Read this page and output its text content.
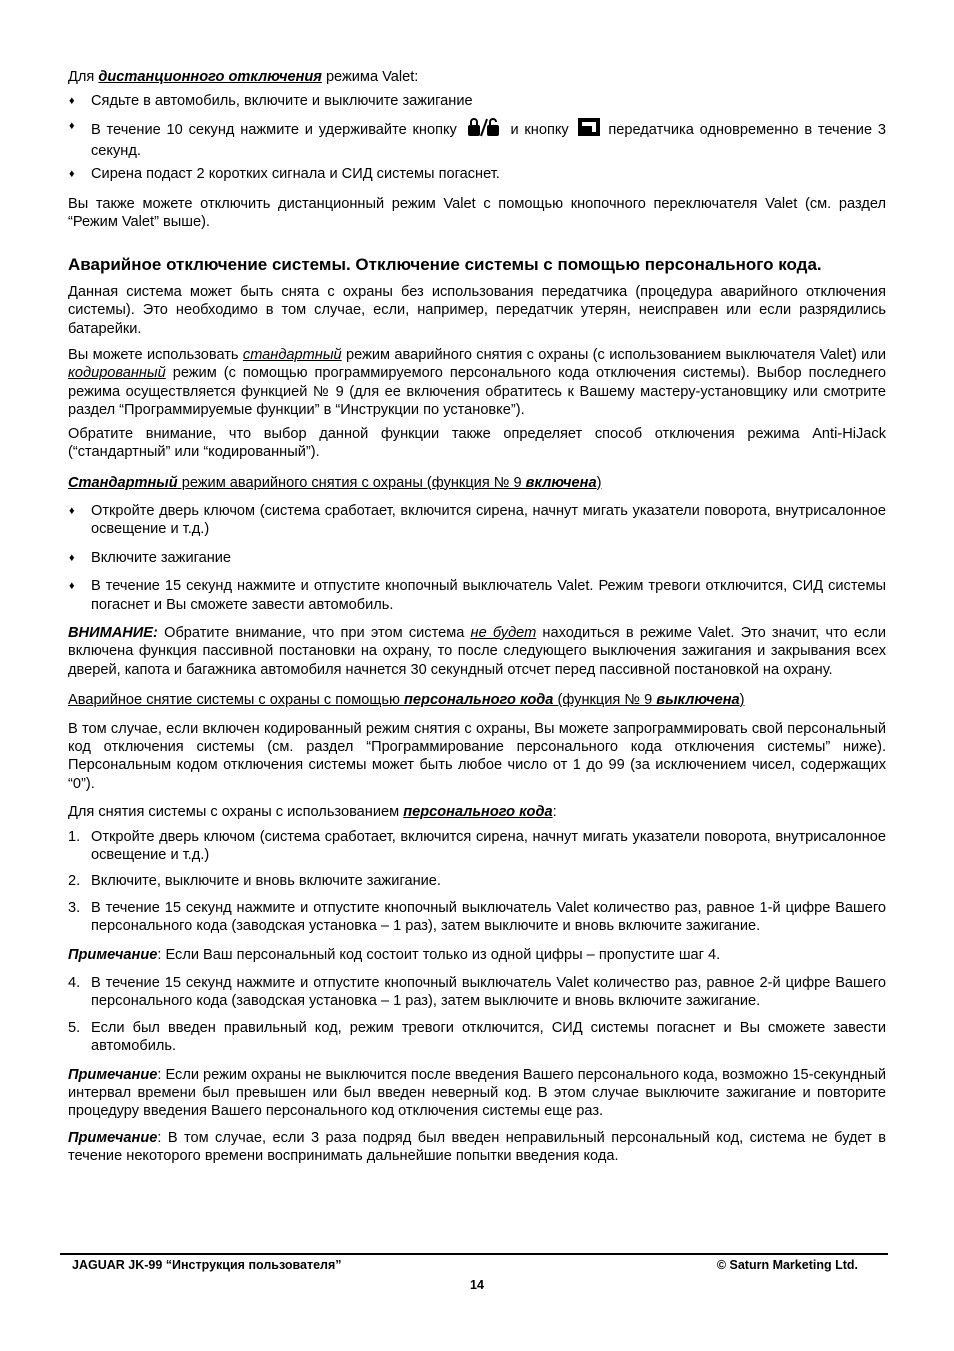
Для дистанционного отключения режима Valet:

♦ Сядьте в автомобиль, включите и выключите зажигание
♦ В течение 10 секунд нажмите и удерживайте кнопку	и кнопку	передатчика одновременно в течение 3 секунд.
♦ Сирена подаст 2 коротких сигнала и СИД системы погаснет.

Вы также можете отключить дистанционный режим Valet с помощью кнопочного переключателя Valet (см. раздел “Режим Valet” выше).

Аварийное отключение системы. Отключение системы с помощью персонального кода.

Данная система может быть снята с охраны без использования передатчика (процедура аварийного отключения системы). Это необходимо в том случае, если, например, передатчик утерян, неисправен или если разрядились батарейки.

Вы можете использовать стандартный режим аварийного снятия с охраны (с использованием выключателя Valet) или кодированный режим (с помощью программируемого персонального кода отключения системы). Выбор последнего режима осуществляется функцией № 9 (для ее включения обратитесь к Вашему мастеру-установщику или смотрите раздел “Программируемые функции” в “Инструкции по установке”).

Обратите внимание, что выбор данной функции также определяет способ отключения режима Anti-HiJack (“стандартный” или “кодированный”).

Стандартный режим аварийного снятия с охраны (функция № 9 включена)

♦ Откройте дверь ключом (система сработает, включится сирена, начнут мигать указатели поворота, внутрисалонное освещение и т.д.)
♦ Включите зажигание
♦ В течение 15 секунд нажмите и отпустите кнопочный выключатель Valet. Режим тревоги отключится, СИД системы погаснет и Вы сможете завести автомобиль.

ВНИМАНИЕ: Обратите внимание, что при этом система не будет находиться в режиме Valet. Это значит, что если включена функция пассивной постановки на охрану, то после следующего выключения зажигания и закрывания всех дверей, капота и багажника автомобиля начнется 30 секундный отсчет перед пассивной постановкой на охрану.

Аварийное снятие системы с охраны с помощью персонального кода (функция № 9 выключена)

В том случае, если включен кодированный режим снятия с охраны, Вы можете запрограммировать свой персональный код отключения системы (см. раздел “Программирование персонального кода отключения системы” ниже). Персональным кодом отключения системы может быть любое число от 1 до 99 (за исключением чисел, содержащих “0”).

Для снятия системы с охраны с использованием персонального кода:

1. Откройте дверь ключом (система сработает, включится сирена, начнут мигать указатели поворота, внутрисалонное освещение и т.д.)
2. Включите, выключите и вновь включите зажигание.
3. В течение 15 секунд нажмите и отпустите кнопочный выключатель Valet количество раз, равное 1-й цифре Вашего персонального кода (заводская установка – 1 раз), затем выключите и вновь включите зажигание.

Примечание: Если Ваш персональный код состоит только из одной цифры – пропустите шаг 4.

4. В течение 15 секунд нажмите и отпустите кнопочный выключатель Valet количество раз, равное 2-й цифре Вашего персонального кода (заводская установка – 1 раз), затем выключите и вновь включите зажигание.
5. Если был введен правильный код, режим тревоги отключится, СИД системы погаснет и Вы сможете завести автомобиль.

Примечание: Если режим охраны не выключится после введения Вашего персонального кода, возможно 15-секундный интервал времени был превышен или был введен неверный код. В этом случае выключите зажигание и повторите процедуру введения Вашего персонального код отключения системы еще раз.

Примечание: В том случае, если 3 раза подряд был введен неправильный персональный код, система не будет в течение некоторого времени воспринимать дальнейшие попытки введения кода.

JAGUAR JK-99 “Инструкция пользователя”	© Saturn Marketing Ltd.
14
